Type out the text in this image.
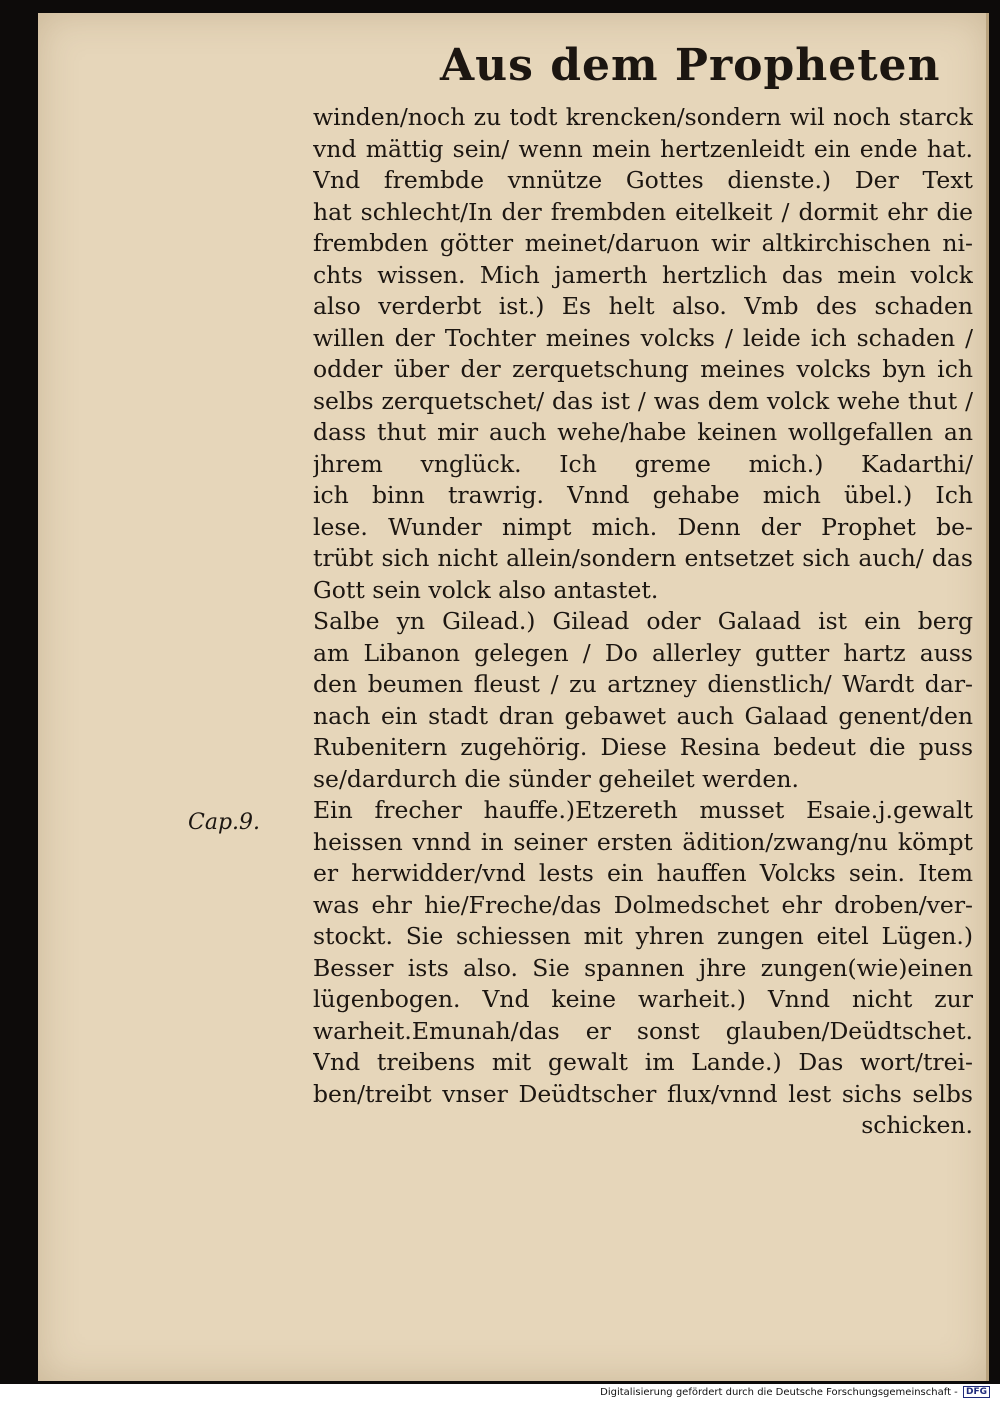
Aus dem Propheten
Cap.9.
winden/noch zu todt krencken/sondern wil noch starck
vnd mättig sein/ wenn mein hertzenleidt ein ende hat.
Vnd frembde vnnütze Gottes dienste.) Der Text
hat schlecht/In der frembden eitelkeit / dormit ehr die
frembden götter meinet/daruon wir altkirchischen ni-
chts wissen. Mich jamerth hertzlich das mein volck
also verderbt ist.) Es helt also. Vmb des schaden
willen der Tochter meines volcks / leide ich schaden /
odder über der zerquetschung meines volcks byn ich
selbs zerquetschet/ das ist / was dem volck wehe thut /
dass thut mir auch wehe/habe keinen wollgefallen an
jhrem vnglück. Ich greme mich.) Kadarthi/
ich binn trawrig. Vnnd gehabe mich übel.) Ich
lese. Wunder nimpt mich. Denn der Prophet be-
trübt sich nicht allein/sondern entsetzet sich auch/ das
Gott sein volck also antastet.
Salbe yn Gilead.) Gilead oder Galaad ist ein berg
am Libanon gelegen / Do allerley gutter hartz auss
den beumen fleust / zu artzney dienstlich/ Wardt dar-
nach ein stadt dran gebawet auch Galaad genent/den
Rubenitern zugehörig. Diese Resina bedeut die puss
se/dardurch die sünder geheilet werden.
Ein frecher hauffe.)Etzereth musset Esaie.j.gewalt
heissen vnnd in seiner ersten ädition/zwang/nu kömpt
er herwidder/vnd lests ein hauffen Volcks sein. Item
was ehr hie/Freche/das Dolmedschet ehr droben/ver-
stockt. Sie schiessen mit yhren zungen eitel Lügen.)
Besser ists also. Sie spannen jhre zungen(wie)einen
lügenbogen. Vnd keine warheit.) Vnnd nicht zur
warheit.Emunah/das er sonst glauben/Deüdtschet.
Vnd treibens mit gewalt im Lande.) Das wort/trei-
ben/treibt vnser Deüdtscher flux/vnnd lest sichs selbs
schicken.
Digitalisierung gefördert durch die Deutsche Forschungsgemeinschaft - DFG
